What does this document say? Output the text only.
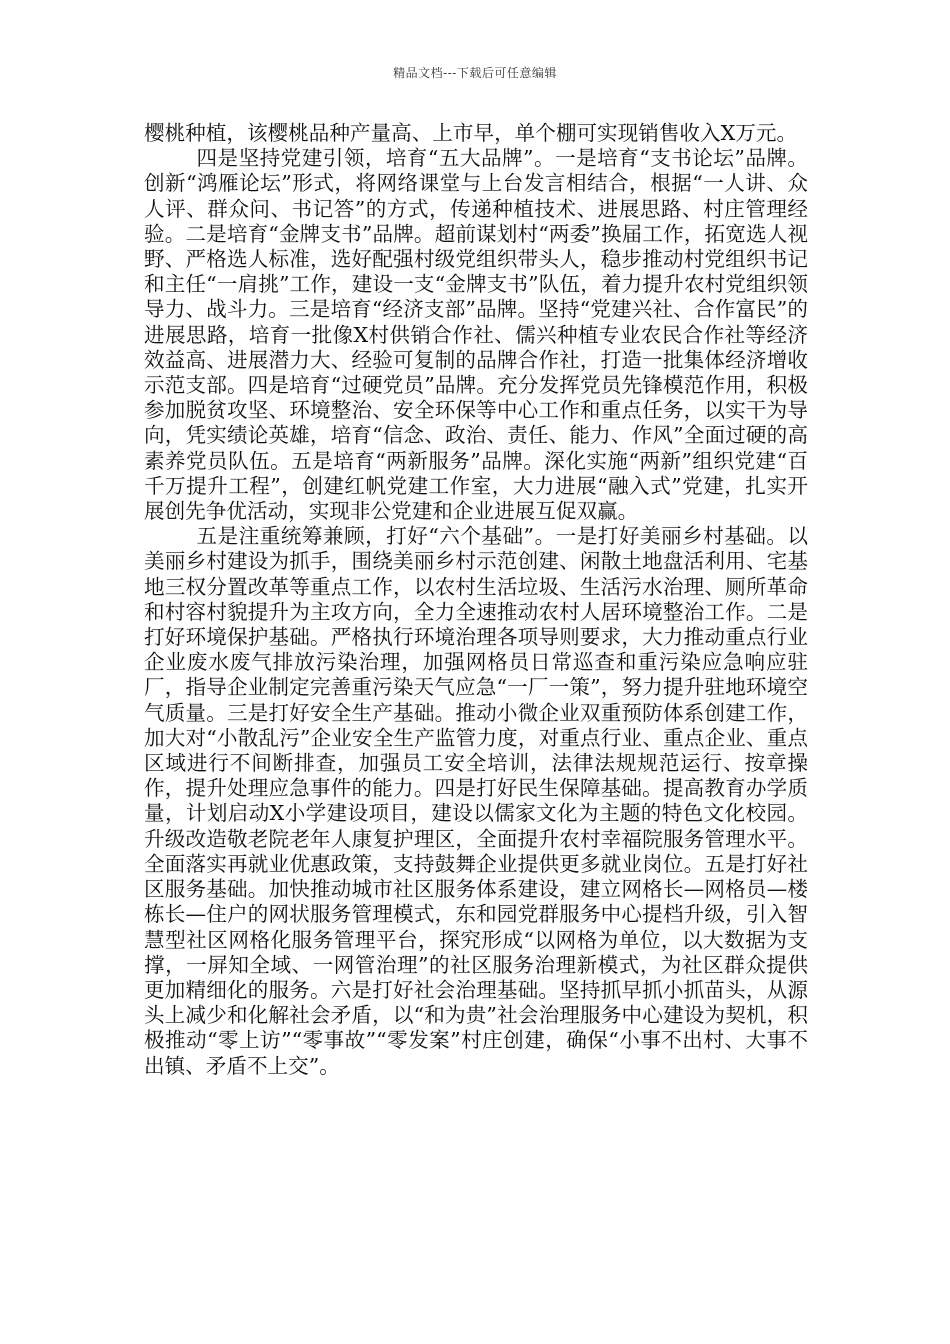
精品文档---下载后可任意编辑

樱桃种植，该樱桃品种产量高、上市早，单个棚可实现销售收入X万元。

四是坚持党建引领，培育“五大品牌”。一是培育“支书论坛”品牌。创新“鸿雁论坛”形式，将网络课堂与上台发言相结合，根据“一人讲、众人评、群众问、书记答”的方式，传递种植技术、进展思路、村庄管理经验。二是培育“金牌支书”品牌。超前谋划村“两委”换届工作，拓宽选人视野、严格选人标准，选好配强村级党组织带头人，稳步推动村党组织书记和主任“一肩挑”工作，建设一支“金牌支书”队伍，着力提升农村党组织领导力、战斗力。三是培育“经济支部”品牌。坚持“党建兴社、合作富民”的进展思路，培育一批像X村供销合作社、儒兴种植专业农民合作社等经济效益高、进展潜力大、经验可复制的品牌合作社，打造一批集体经济增收示范支部。四是培育“过硬党员”品牌。充分发挥党员先锋模范作用，积极参加脱贫攻坚、环境整治、安全环保等中心工作和重点任务，以实干为导向，凭实绩论英雄，培育“信念、政治、责任、能力、作风”全面过硬的高素养党员队伍。五是培育“两新服务”品牌。深化实施“两新”组织党建“百千万提升工程”，创建红帆党建工作室，大力进展“融入式”党建，扎实开展创先争优活动，实现非公党建和企业进展互促双赢。

五是注重统筹兼顾，打好“六个基础”。一是打好美丽乡村基础。以美丽乡村建设为抓手，围绕美丽乡村示范创建、闲散土地盘活利用、宅基地三权分置改革等重点工作，以农村生活垃圾、生活污水治理、厕所革命和村容村貌提升为主攻方向，全力全速推动农村人居环境整治工作。二是打好环境保护基础。严格执行环境治理各项导则要求，大力推动重点行业企业废水废气排放污染治理，加强网格员日常巡查和重污染应急响应驻厂，指导企业制定完善重污染天气应急“一厂一策”，努力提升驻地环境空气质量。三是打好安全生产基础。推动小微企业双重预防体系创建工作，加大对“小散乱污”企业安全生产监管力度，对重点行业、重点企业、重点区域进行不间断排查，加强员工安全培训，法律法规规范运行、按章操作，提升处理应急事件的能力。四是打好民生保障基础。提高教育办学质量，计划启动X小学建设项目，建设以儒家文化为主题的特色文化校园。升级改造敬老院老年人康复护理区，全面提升农村幸福院服务管理水平。全面落实再就业优惠政策，支持鼓舞企业提供更多就业岗位。五是打好社区服务基础。加快推动城市社区服务体系建设，建立网格长—网格员—楼栋长—住户的网状服务管理模式，东和园党群服务中心提档升级，引入智慧型社区网格化服务管理平台，探究形成“以网格为单位，以大数据为支撑，一屏知全域、一网管治理”的社区服务治理新模式，为社区群众提供更加精细化的服务。六是打好社会治理基础。坚持抓早抓小抓苗头，从源头上减少和化解社会矛盾，以“和为贵”社会治理服务中心建设为契机，积极推动“零上访”“零事故”“零发案”村庄创建，确保“小事不出村、大事不出镇、矛盾不上交”。
